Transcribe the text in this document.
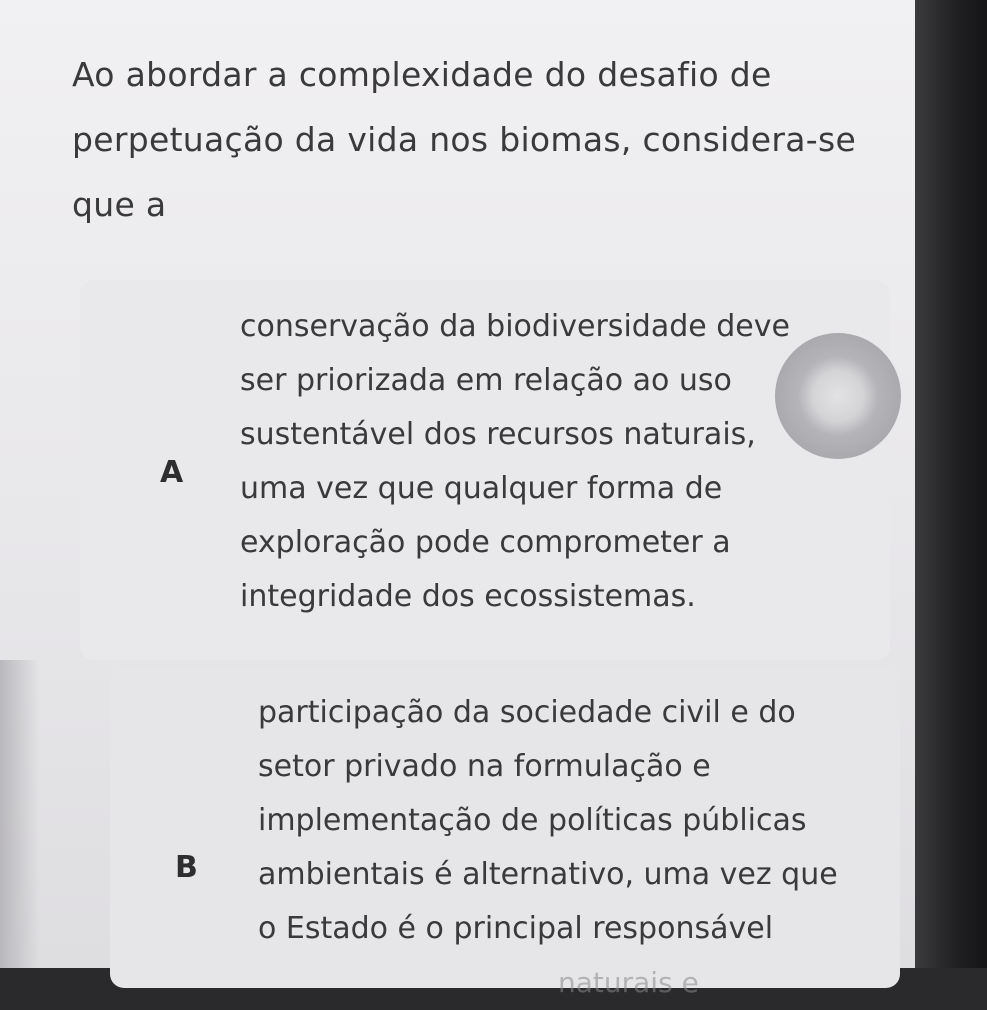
Ao abordar a complexidade do desafio de
perpetuação da vida nos biomas, considera-se
que a

A

conservação da biodiversidade deve
ser priorizada em relação ao uso
sustentável dos recursos naturais,
uma vez que qualquer forma de
exploração pode comprometer a
integridade dos ecossistemas.

B

participação da sociedade civil e do
setor privado na formulação e
implementação de políticas públicas
ambientais é alternativo, uma vez que
o Estado é o principal responsável
naturais e
